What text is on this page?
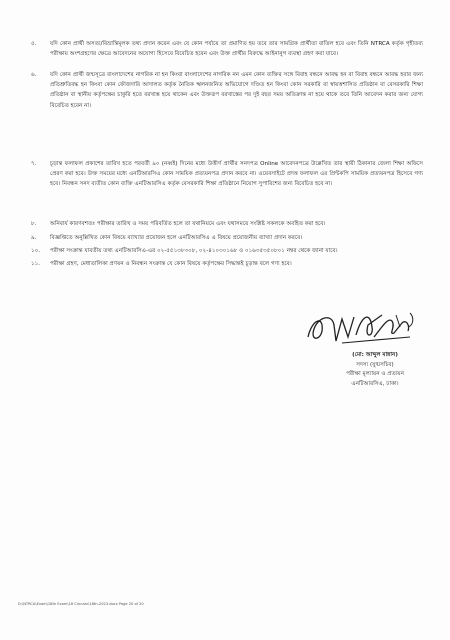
৫.	যদি কোন প্রার্থী অসত্য/বিভ্রান্তিমূলক তথ্য প্রদান করেন এবং যে কোন পর্যায়ে তা প্রমাণিত হয় তবে তার সামগ্রিক প্রার্থীতা বাতিল হবে এবং তিনি NTRCA কর্তৃক গৃহীতব্য পরীক্ষায় অংশগ্রহণের ক্ষেত্রে আবেদনের অযোগ্য হিসেবে বিবেচিত হবেন এবং উক্ত প্রার্থীর বিরুদ্ধে আইনানুগ ব্যবস্থা গ্রহণ করা যাবে।
৬.	যদি কোন প্রার্থী জন্মসূত্রে বাংলাদেশের নাগরিক না হন কিংবা বাংলাদেশের নাগরিক নন এমন কোন ব্যক্তির সঙ্গে বিবাহ বন্ধনে আবদ্ধ হন বা বিবাহ বন্ধনে আবদ্ধ হবার জন্য প্রতিশ্রুতিবদ্ধ হন কিংবা কোন ফৌজদারি আদালত কর্তৃক নৈতিক স্খলনজনিত অভিযোগে দণ্ডিত হন কিংবা কোন সরকারি বা স্বায়ত্তশাসিত প্রতিষ্ঠান বা বেসরকারি শিক্ষা প্রতিষ্ঠান বা স্থানীয় কর্তৃপক্ষের চাকুরি হতে বরখাস্ত হয়ে থাকেন এবং উক্তরূপ বরখাস্তের পর দুই বছর সময় অতিক্রান্ত না হয়ে থাকে তবে তিনি আবেদন করার জন্য যোগ্য বিবেচিত হবেন না।
৭.	চূড়ান্ত ফলাফল প্রকাশের তারিখ হতে পরবর্তী ৯০ (নব্বই) দিনের মধ্যে উত্তীর্ণ প্রার্থীর সনদপত্র Online আবেদনপত্রে উল্লেখিত তার স্থায়ী ঠিকানার জেলা শিক্ষা অফিসে প্রেরণ করা হবে। উক্ত সময়ের মধ্যে এনটিআরসিএ কোন সাময়িক প্রত্যয়নপত্র প্রদান করবে না। ওয়েবসাইটে প্রদত্ত ফলাফল এর প্রিন্টকপি সাময়িক প্রত্যয়নপত্র হিসেবে গণ্য হবে। নিবন্ধন সনদ ব্যতীত কোন ব্যক্তি এনটিআরসিএ কর্তৃক বেসরকারি শিক্ষা প্রতিষ্ঠানে নিয়োগ সুপারিশের জন্য বিবেচিত হবে না।
৮.	অনিবার্য কারণবশতঃ পরীক্ষার তারিখ ও সময় পরিবর্তিত হলে তা যথানিয়মে এবং যথাসময়ে সংশ্লিষ্ট সকলকে অবহিত করা হবে।
৯.	বিজ্ঞপ্তিতে অনুল্লিখিত কোন বিষয়ে ব্যাখ্যার প্রয়োজন হলে এনটিআরসিএ এ বিষয়ে প্রয়োজনীয় ব্যাখ্যা প্রদান করবে।
১০.	পরীক্ষা সংক্রান্ত যাবতীয় তথ্য এনটিআরসিএ-এর ০২-৫৫১৩৮৩০৮, ০২-৪১০৩০১৬৮ ও ০১৬৩৫৩৫০৮০১ নম্বর থেকে জানা যাবে।
১১.	পরীক্ষা গ্রহণ, মেধাতালিকা প্রণয়ন ও নিবন্ধন সংক্রান্ত যে কোন বিষয়ে কর্তৃপক্ষের সিদ্ধান্তই চূড়ান্ত বলে গণ্য হবে।
(মো: আব্দুল মান্নান)
সদস্য (যুগ্মসচিব)
পরীক্ষা মূল্যায়ন ও প্রত্যয়ন
এনটিআরসিএ, ঢাকা।
D:\NTRCA\Exam\18th Exam\18 Circular\18th-2023.docx Page 20 of 20
